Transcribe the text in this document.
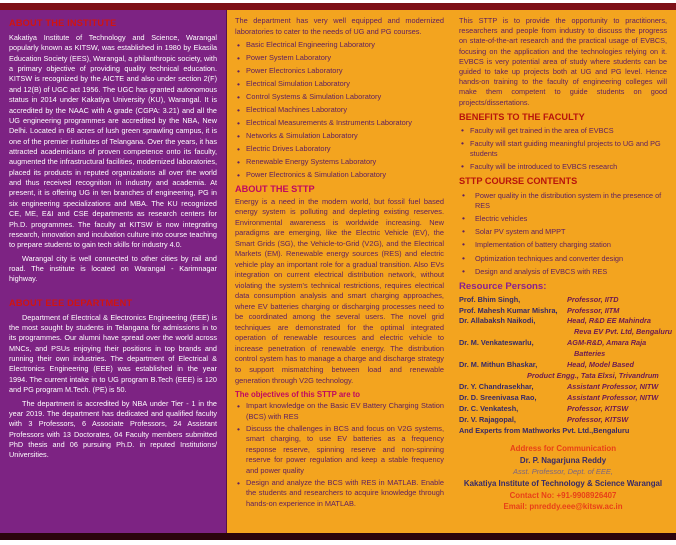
ABOUT THE INSTITUTE

Kakatiya Institute of Technology and Science, Warangal popularly known as KITSW, was established in 1980 by Ekasila Education Society (EES), Warangal, a philanthropic society, with a primary objective of providing quality technical education. KITSW is recognized by the AICTE and also under section 2(F) and 12(B) of UGC act 1956. The UGC has granted autonomous status in 2014 under Kakatiya University (KU), Warangal. It is accredited by the NAAC with A grade (CGPA: 3.21) and all the UG engineering programmes are accredited by the NBA, New Delhi. Located in 68 acres of lush green sprawling campus, it is one of the premier institutes of Telangana. Over the years, it has attracted academicians of proven competence onto its faculty, augmented the infrastructural facilities, modernized laboratories, placed its products in reputed organizations all over the world and thus received recognition in industry and academia. At present, it is offering UG in ten branches of engineering, PG in six engineering specializations and MBA. The KU recognized CE, ME, E&I and CSE departments as research centers for Ph.D. programmes. The faculty at KITSW is now integrating research, innovation and incubation culture into course teaching to prepare students to gain tech skills for industry 4.0.

Warangal city is well connected to other cities by rail and road. The institute is located on Warangal - Karimnagar highway.

ABOUT EEE DEPARTMENT

Department of Electrical & Electronics Engineering (EEE) is the most sought by students in Telangana for admissions in to its programmes. Our alumni have spread over the world across MNCs, and PSUs enjoying their positions in top brands and running their own industries. The department of Electrical & Electronics Engineering (EEE) was established in the year 1994. The current intake in to UG program B.Tech (EEE) is 120 and PG program M.Tech. (PE) is 50.

The department is accredited by NBA under Tier - 1 in the year 2019. The department has dedicated and qualified faculty with 3 Professors, 6 Associate Professors, 24 Assistant Professors with 13 Doctorates, 04 Faculty members submitted PhD thesis and 06 pursuing Ph.D. in reputed Institutions/ Universities.

The department has very well equipped and modernized laboratories to cater to the needs of UG and PG courses.

• Basic Electrical Engineering Laboratory
• Power System Laboratory
• Power Electronics Laboratory
• Electrical Simulation Laboratory
• Control Systems & Simulation Laboratory
• Electrical Machines Laboratory
• Electrical Measurements & Instruments Laboratory
• Networks & Simulation Laboratory
• Electric Drives Laboratory
• Renewable Energy Systems Laboratory
• Power Electronics & Simulation Laboratory
ABOUT THE STTP

Energy is a need in the modern world, but fossil fuel based energy system is polluting and depleting existing reserves. Environmental awareness is worldwide increasing. New paradigms are emerging, like the Electric Vehicle (EV), the Smart Grids (SG), the Vehicle-to-Grid (V2G), and the Electrical Markets (EM). Renewable energy sources (RES) and electric vehicle play an important role for a gradual transition. Also EVs integration on current electrical distribution network, without violating the system's technical restrictions, requires electrical data consumption analysis and smart charging approaches, where EV batteries charging or discharging processes need to be coordinated among the several users. The novel grid techniques are demonstrated for the optimal integrated operation of renewable resources and electric vehicle to increase penetration of renewable energy. The distribution control system has to manage a charge and discharge strategy to support mismatching between load and renewable generation through V2G technology.

The objectives of this STTP are to
• Impart knowledge on the Basic EV Battery Charging Station (BCS) with RES
• Discuss the challenges in BCS and focus on V2G systems, smart charging, to use EV batteries as a frequency response reserve, spinning reserve and non-spinning reserve for power regulation and keep a stable frequency and power quality
• Design and analyze the BCS with RES in MATLAB. Enable the students and researchers to acquire knowledge through hands-on experience in MATLAB.

This STTP is to provide the opportunity to practitioners, researchers and people from industry to discuss the progress on state-of-the-art research and the practical usage of EVBCS, focusing on the application and the technologies relying on it. EVBCS is very potential area of study where students can be guided to take up projects both at UG and PG level. Hence hands-on training to the faculty of engineering colleges will make them competent to guide students on good projects/dissertations.

BENEFITS TO THE FACULTY
• Faculty will get trained in the area of EVBCS
• Faculty will start guiding meaningful projects to UG and PG students
• Faculty will be introduced to EVBCS research
STTP COURSE CONTENTS
• Power quality in the distribution system in the presence of RES
• Electric vehicles
• Solar PV system and MPPT
• Implementation of battery charging station
• Optimization techniques and converter design
• Design and analysis of EVBCS with RES
Resource Persons:
Prof. Bhim Singh,	Professor, IITD
Prof. Mahesh Kumar Mishra,	Professor, IITM
Dr. Allabaksh Naikodi,	Head, R&D EE Mahindra
Reva EV Pvt. Ltd, Bengaluru
Dr. M. Venkateswarlu,	AGM-R&D, Amara Raja
Batteries
Dr. M. Mithun Bhaskar,	Head, Model Based
Product Engg., Tata Elxsi, Trivandrum
Dr. Y. Chandrasekhar,	Assistant Professor, NITW
Dr. D. Sreenivasa Rao,	Assistant Professor, NITW
Dr. C. Venkatesh,	Professor, KITSW
Dr. V. Rajagopal,	Professor, KITSW
And Experts from Mathworks Pvt. Ltd.,Bengaluru
Address for Communication
Dr. P. Nagarjuna Reddy
Asst. Professor, Dept. of EEE,
Kakatiya Institute of Technology & Science Warangal
Contact No: +91-9908926407
Email: pnreddy.eee@kitsw.ac.in
